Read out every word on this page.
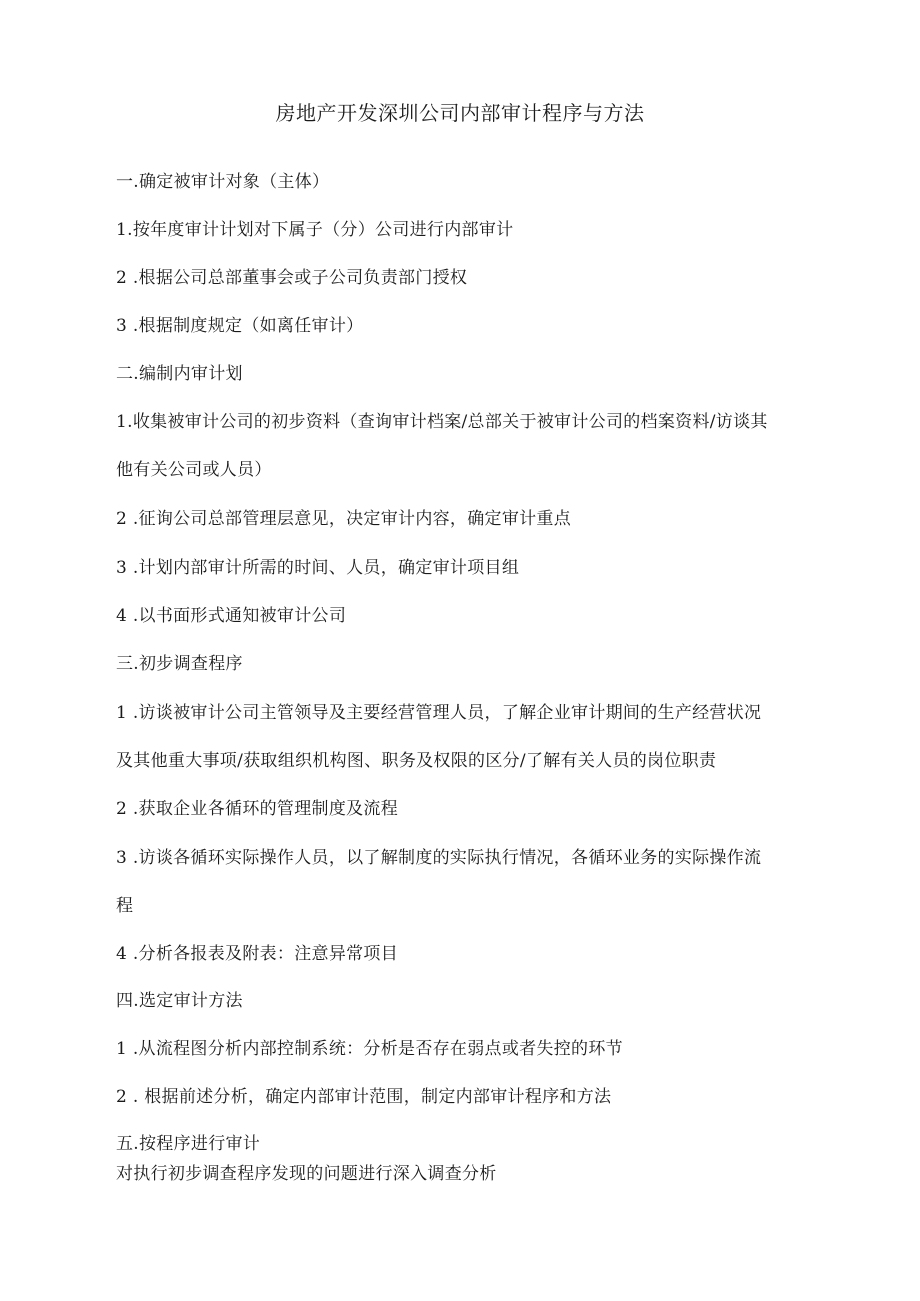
房地产开发深圳公司内部审计程序与方法
一.确定被审计对象（主体）
1.按年度审计计划对下属子（分）公司进行内部审计
2 .根据公司总部董事会或子公司负责部门授权
3 .根据制度规定（如离任审计）
二.编制内审计划
1.收集被审计公司的初步资料（查询审计档案/总部关于被审计公司的档案资料/访谈其
他有关公司或人员）
2 .征询公司总部管理层意见，决定审计内容，确定审计重点
3 .计划内部审计所需的时间、人员，确定审计项目组
4 .以书面形式通知被审计公司
三.初步调查程序
1 .访谈被审计公司主管领导及主要经营管理人员，了解企业审计期间的生产经营状况
及其他重大事项/获取组织机构图、职务及权限的区分/了解有关人员的岗位职责
2 .获取企业各循环的管理制度及流程
3 .访谈各循环实际操作人员，以了解制度的实际执行情况，各循环业务的实际操作流
程
4 .分析各报表及附表：注意异常项目
四.选定审计方法
1 .从流程图分析内部控制系统：分析是否存在弱点或者失控的环节
2 . 根据前述分析，确定内部审计范围，制定内部审计程序和方法
五.按程序进行审计
对执行初步调查程序发现的问题进行深入调查分析
